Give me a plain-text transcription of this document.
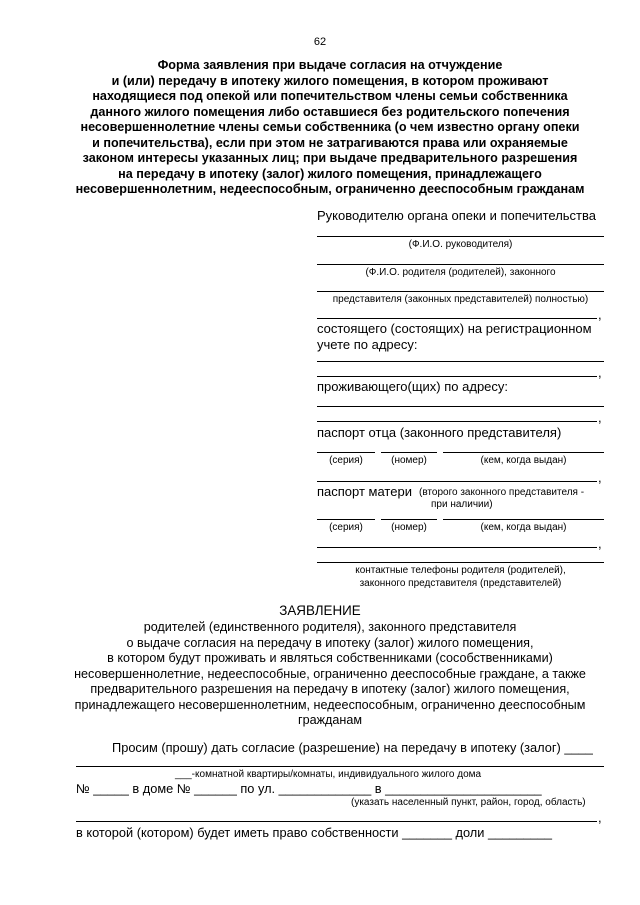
62
Форма заявления при выдаче согласия на отчуждение
и (или) передачу в ипотеку жилого помещения, в котором проживают
находящиеся под опекой или попечительством члены семьи собственника
данного жилого помещения либо оставшиеся без родительского попечения
несовершеннолетние члены семьи собственника (о чем известно органу опеки
и попечительства), если при этом не затрагиваются права или охраняемые
законом интересы указанных лиц; при выдаче предварительного разрешения
на передачу в ипотеку (залог) жилого помещения, принадлежащего
несовершеннолетним, недееспособным, ограниченно дееспособным гражданам
Руководителю органа опеки и попечительства
(Ф.И.О. руководителя)
(Ф.И.О. родителя (родителей), законного
представителя (законных представителей) полностью)
,
состоящего (состоящих) на регистрационном
учете по адресу:
,
проживающего(щих) по адресу:
,
паспорт отца (законного представителя)
(серия)	(номер)	(кем, когда выдан)
,
паспорт матери (второго законного представителя -
при наличии)
(серия)	(номер)	(кем, когда выдан)
,
контактные телефоны родителя (родителей),
законного представителя (представителей)
ЗАЯВЛЕНИЕ
родителей (единственного родителя), законного представителя
о выдаче согласия на передачу в ипотеку (залог) жилого помещения,
в котором будут проживать и являться собственниками (сособственниками)
несовершеннолетние, недееспособные, ограниченно дееспособные граждане, а также
предварительного разрешения на передачу в ипотеку (залог) жилого помещения,
принадлежащего несовершеннолетним, недееспособным, ограниченно дееспособным
гражданам
Просим (прошу) дать согласие (разрешение) на передачу в ипотеку (залог) ____
___-комнатной квартиры/комнаты, индивидуального жилого дома
№ _____ в доме № ______ по ул. _____________ в ______________________
(указать населенный пункт, район, город, область)
,
в которой (котором) будет иметь право собственности _______ доли _________
